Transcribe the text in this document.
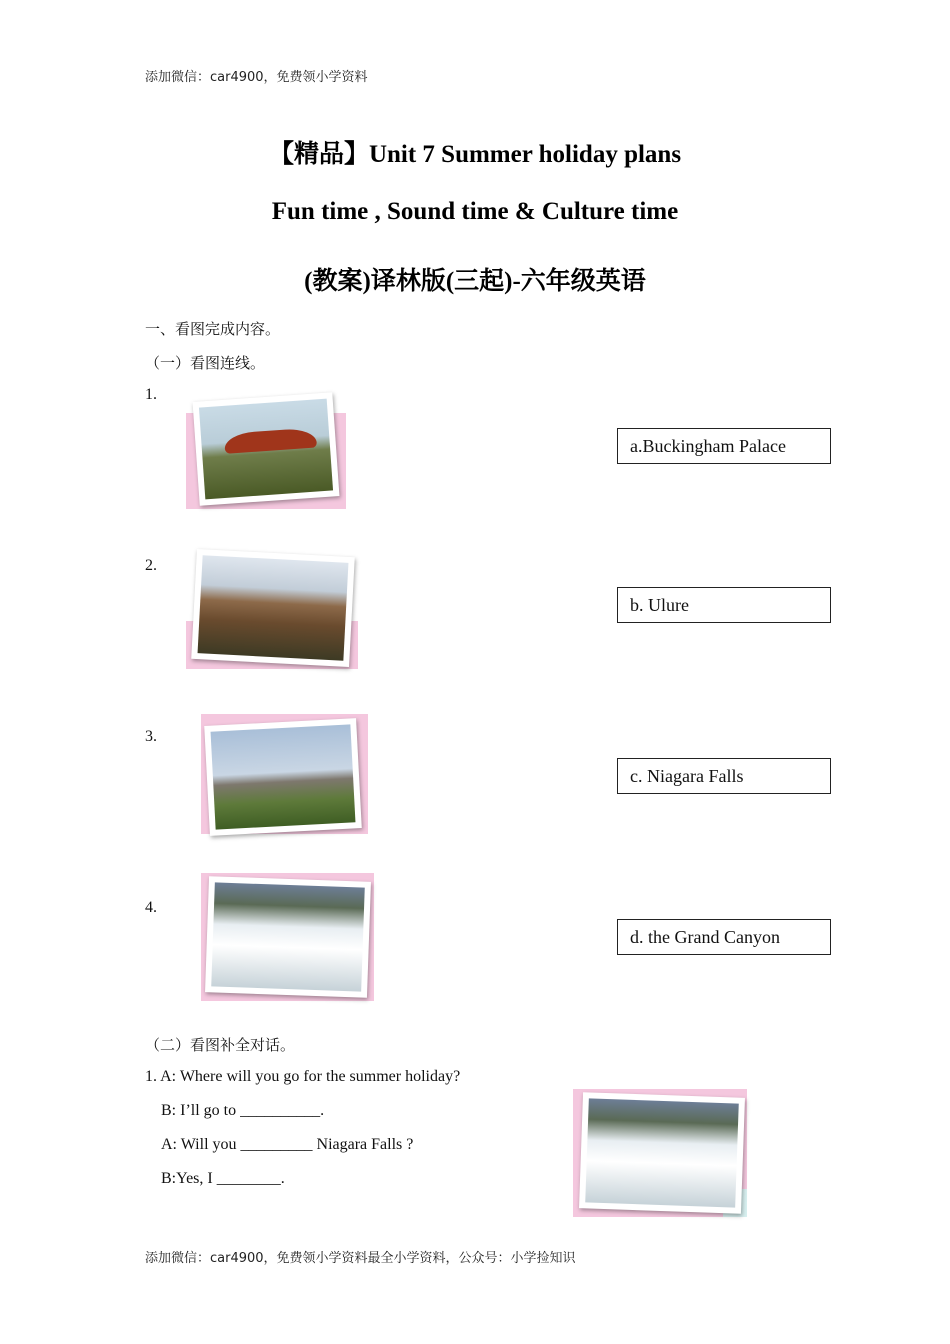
添加微信：car4900，免费领小学资料
【精品】Unit 7 Summer holiday plans
Fun time , Sound time & Culture time
(教案)译林版(三起)-六年级英语
一、看图完成内容。
（一）看图连线。
1.
a.Buckingham Palace
2.
b. Ulure
3.
c. Niagara Falls
4.
d. the Grand Canyon
（二）看图补全对话。
1. A: Where will you go for the summer holiday?
B: I’ll go to __________.
A: Will you _________ Niagara Falls ?
B:Yes, I ________.
添加微信：car4900，免费领小学资料最全小学资料，公众号：小学捡知识
